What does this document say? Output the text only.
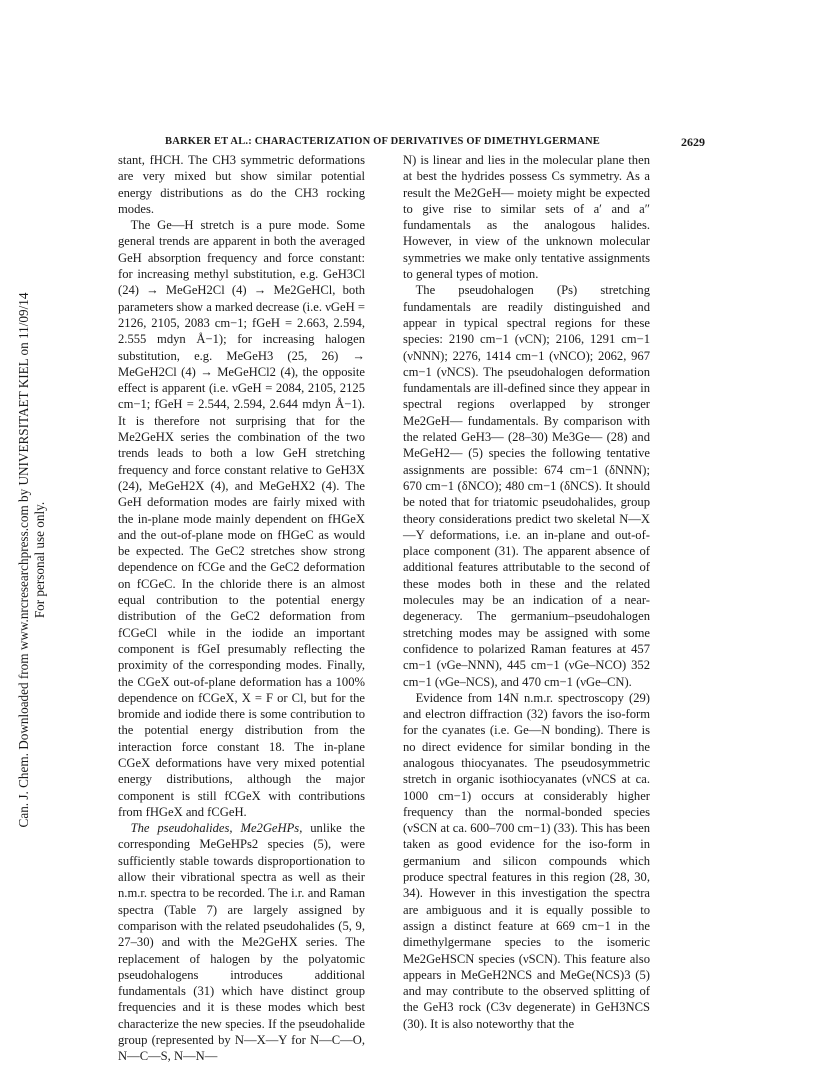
Can. J. Chem. Downloaded from www.nrcresearchpress.com by UNIVERSITAET KIEL on 11/09/14 For personal use only.
BARKER ET AL.: CHARACTERIZATION OF DERIVATIVES OF DIMETHYLGERMANE	2629

stant, fHCH. The CH3 symmetric deformations are very mixed but show similar potential energy distributions as do the CH3 rocking modes.

The Ge—H stretch is a pure mode. Some general trends are apparent in both the averaged GeH absorption frequency and force constant: for increasing methyl substitution, e.g. GeH3Cl (24) → MeGeH2Cl (4) → Me2GeHCl, both parameters show a marked decrease (i.e. νGeH = 2126, 2105, 2083 cm−1; fGeH = 2.663, 2.594, 2.555 mdyn Å−1); for increasing halogen substitution, e.g. MeGeH3 (25, 26) → MeGeH2Cl (4) → MeGeHCl2 (4), the opposite effect is apparent (i.e. νGeH = 2084, 2105, 2125 cm−1; fGeH = 2.544, 2.594, 2.644 mdyn Å−1). It is therefore not surprising that for the Me2GeHX series the combination of the two trends leads to both a low GeH stretching frequency and force constant relative to GeH3X (24), MeGeH2X (4), and MeGeHX2 (4). The GeH deformation modes are fairly mixed with the in-plane mode mainly dependent on fHGeX and the out-of-plane mode on fHGeC as would be expected. The GeC2 stretches show strong dependence on fCGe and the GeC2 deformation on fCGeC. In the chloride there is an almost equal contribution to the potential energy distribution of the GeC2 deformation from fCGeCl while in the iodide an important component is fGeI presumably reflecting the proximity of the corresponding modes. Finally, the CGeX out-of-plane deformation has a 100% dependence on fCGeX, X = F or Cl, but for the bromide and iodide there is some contribution to the potential energy distribution from the interaction force constant 18. The in-plane CGeX deformations have very mixed potential energy distributions, although the major component is still fCGeX with contributions from fHGeX and fCGeH.

The pseudohalides, Me2GeHPs, unlike the corresponding MeGeHPs2 species (5), were sufficiently stable towards disproportionation to allow their vibrational spectra as well as their n.m.r. spectra to be recorded. The i.r. and Raman spectra (Table 7) are largely assigned by comparison with the related pseudohalides (5, 9, 27–30) and with the Me2GeHX series. The replacement of halogen by the polyatomic pseudohalogens introduces additional fundamentals (31) which have distinct group frequencies and it is these modes which best characterize the new species. If the pseudohalide group (represented by N—X—Y for N—C—O, N—C—S, N—N—

N) is linear and lies in the molecular plane then at best the hydrides possess Cs symmetry. As a result the Me2GeH— moiety might be expected to give rise to similar sets of a′ and a″ fundamentals as the analogous halides. However, in view of the unknown molecular symmetries we make only tentative assignments to general types of motion.

The pseudohalogen (Ps) stretching fundamentals are readily distinguished and appear in typical spectral regions for these species: 2190 cm−1 (νCN); 2106, 1291 cm−1 (νNNN); 2276, 1414 cm−1 (νNCO); 2062, 967 cm−1 (νNCS). The pseudohalogen deformation fundamentals are ill-defined since they appear in spectral regions overlapped by stronger Me2GeH— fundamentals. By comparison with the related GeH3— (28–30) Me3Ge— (28) and MeGeH2— (5) species the following tentative assignments are possible: 674 cm−1 (δNNN); 670 cm−1 (δNCO); 480 cm−1 (δNCS). It should be noted that for triatomic pseudohalides, group theory considerations predict two skeletal N—X—Y deformations, i.e. an in-plane and out-of-place component (31). The apparent absence of additional features attributable to the second of these modes both in these and the related molecules may be an indication of a near-degeneracy. The germanium–pseudohalogen stretching modes may be assigned with some confidence to polarized Raman features at 457 cm−1 (νGe–NNN), 445 cm−1 (νGe–NCO) 352 cm−1 (νGe–NCS), and 470 cm−1 (νGe–CN).

Evidence from 14N n.m.r. spectroscopy (29) and electron diffraction (32) favors the iso-form for the cyanates (i.e. Ge—N bonding). There is no direct evidence for similar bonding in the analogous thiocyanates. The pseudosymmetric stretch in organic isothiocyanates (νNCS at ca. 1000 cm−1) occurs at considerably higher frequency than the normal-bonded species (νSCN at ca. 600–700 cm−1) (33). This has been taken as good evidence for the iso-form in germanium and silicon compounds which produce spectral features in this region (28, 30, 34). However in this investigation the spectra are ambiguous and it is equally possible to assign a distinct feature at 669 cm−1 in the dimethylgermane species to the isomeric Me2GeHSCN species (νSCN). This feature also appears in MeGeH2NCS and MeGe(NCS)3 (5) and may contribute to the observed splitting of the GeH3 rock (C3v degenerate) in GeH3NCS (30). It is also noteworthy that the
